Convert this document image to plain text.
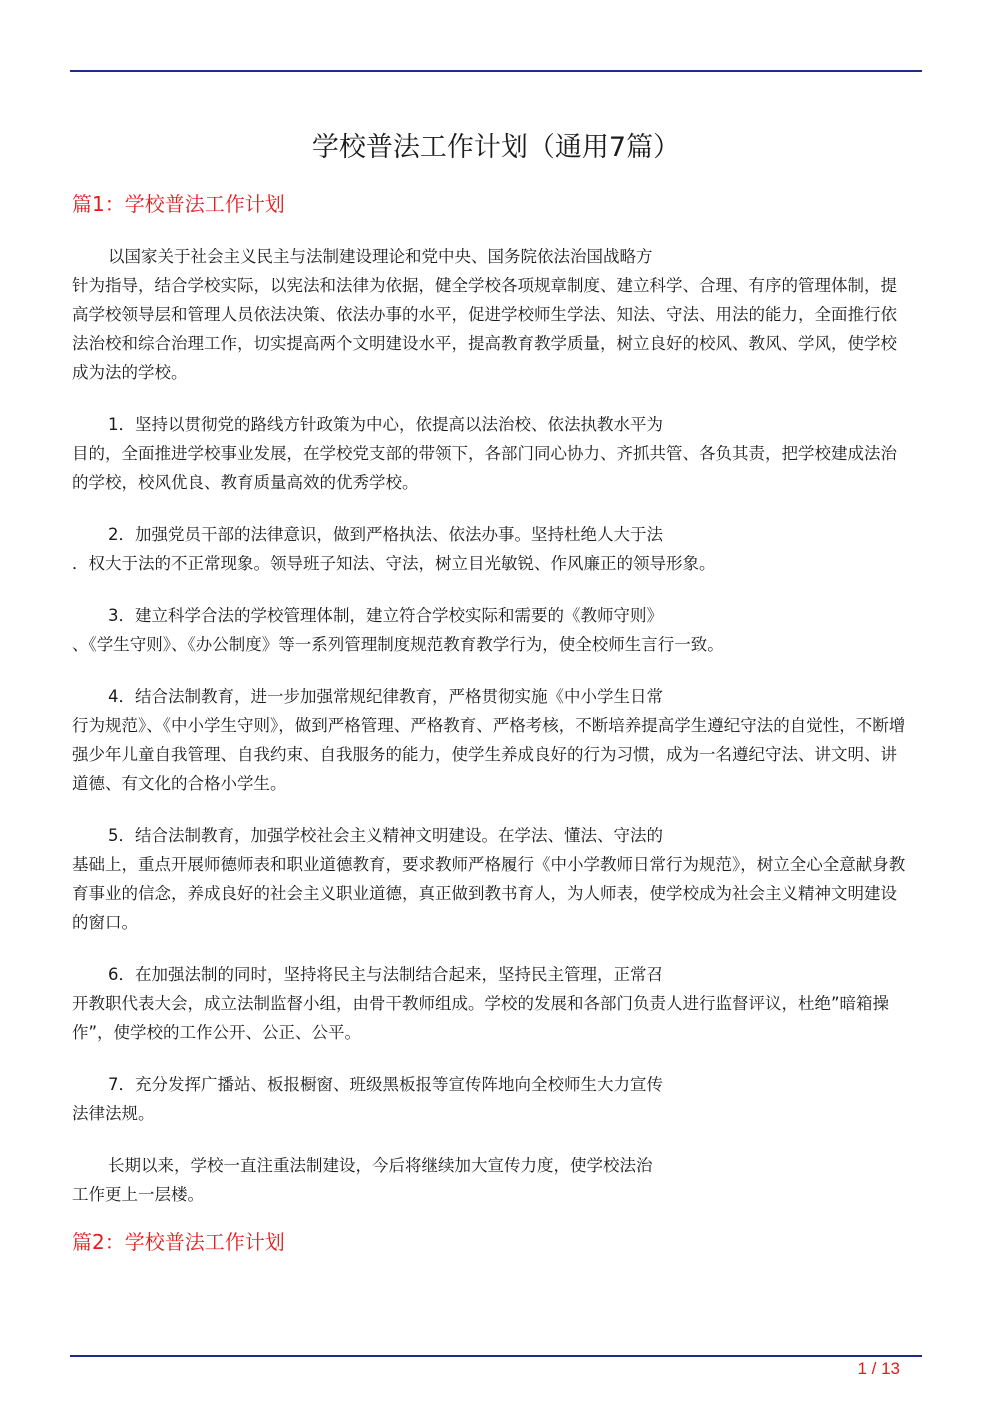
学校普法工作计划（通用7篇）
篇1：学校普法工作计划

以国家关于社会主义民主与法制建设理论和党中央、国务院依法治国战略方
针为指导，结合学校实际，以宪法和法律为依据，健全学校各项规章制度、建立科学、合理、有序的管理体制，提高学校领导层和管理人员依法决策、依法办事的水平，促进学校师生学法、知法、守法、用法的能力，全面推行依法治校和综合治理工作，切实提高两个文明建设水平，提高教育教学质量，树立良好的校风、教风、学风，使学校成为法的学校。

1．坚持以贯彻党的路线方针政策为中心，依提高以法治校、依法执教水平为
目的，全面推进学校事业发展，在学校党支部的带领下，各部门同心协力、齐抓共管、各负其责，把学校建成法治的学校，校风优良、教育质量高效的优秀学校。

2．加强党员干部的法律意识，做到严格执法、依法办事。坚持杜绝人大于法
．权大于法的不正常现象。领导班子知法、守法，树立目光敏锐、作风廉正的领导形象。

3．建立科学合法的学校管理体制，建立符合学校实际和需要的《教师守则》
、《学生守则》、《办公制度》等一系列管理制度规范教育教学行为，使全校师生言行一致。

4．结合法制教育，进一步加强常规纪律教育，严格贯彻实施《中小学生日常
行为规范》、《中小学生守则》，做到严格管理、严格教育、严格考核，不断培养提高学生遵纪守法的自觉性，不断增强少年儿童自我管理、自我约束、自我服务的能力，使学生养成良好的行为习惯，成为一名遵纪守法、讲文明、讲道德、有文化的合格小学生。

5．结合法制教育，加强学校社会主义精神文明建设。在学法、懂法、守法的
基础上，重点开展师德师表和职业道德教育，要求教师严格履行《中小学教师日常行为规范》，树立全心全意献身教育事业的信念，养成良好的社会主义职业道德，真正做到教书育人，为人师表，使学校成为社会主义精神文明建设的窗口。

6．在加强法制的同时，坚持将民主与法制结合起来，坚持民主管理，正常召
开教职代表大会，成立法制监督小组，由骨干教师组成。学校的发展和各部门负责人进行监督评议，杜绝”暗箱操作”，使学校的工作公开、公正、公平。

7．充分发挥广播站、板报橱窗、班级黑板报等宣传阵地向全校师生大力宣传
法律法规。

长期以来，学校一直注重法制建设，今后将继续加大宣传力度，使学校法治
工作更上一层楼。

篇2：学校普法工作计划
1 / 13
